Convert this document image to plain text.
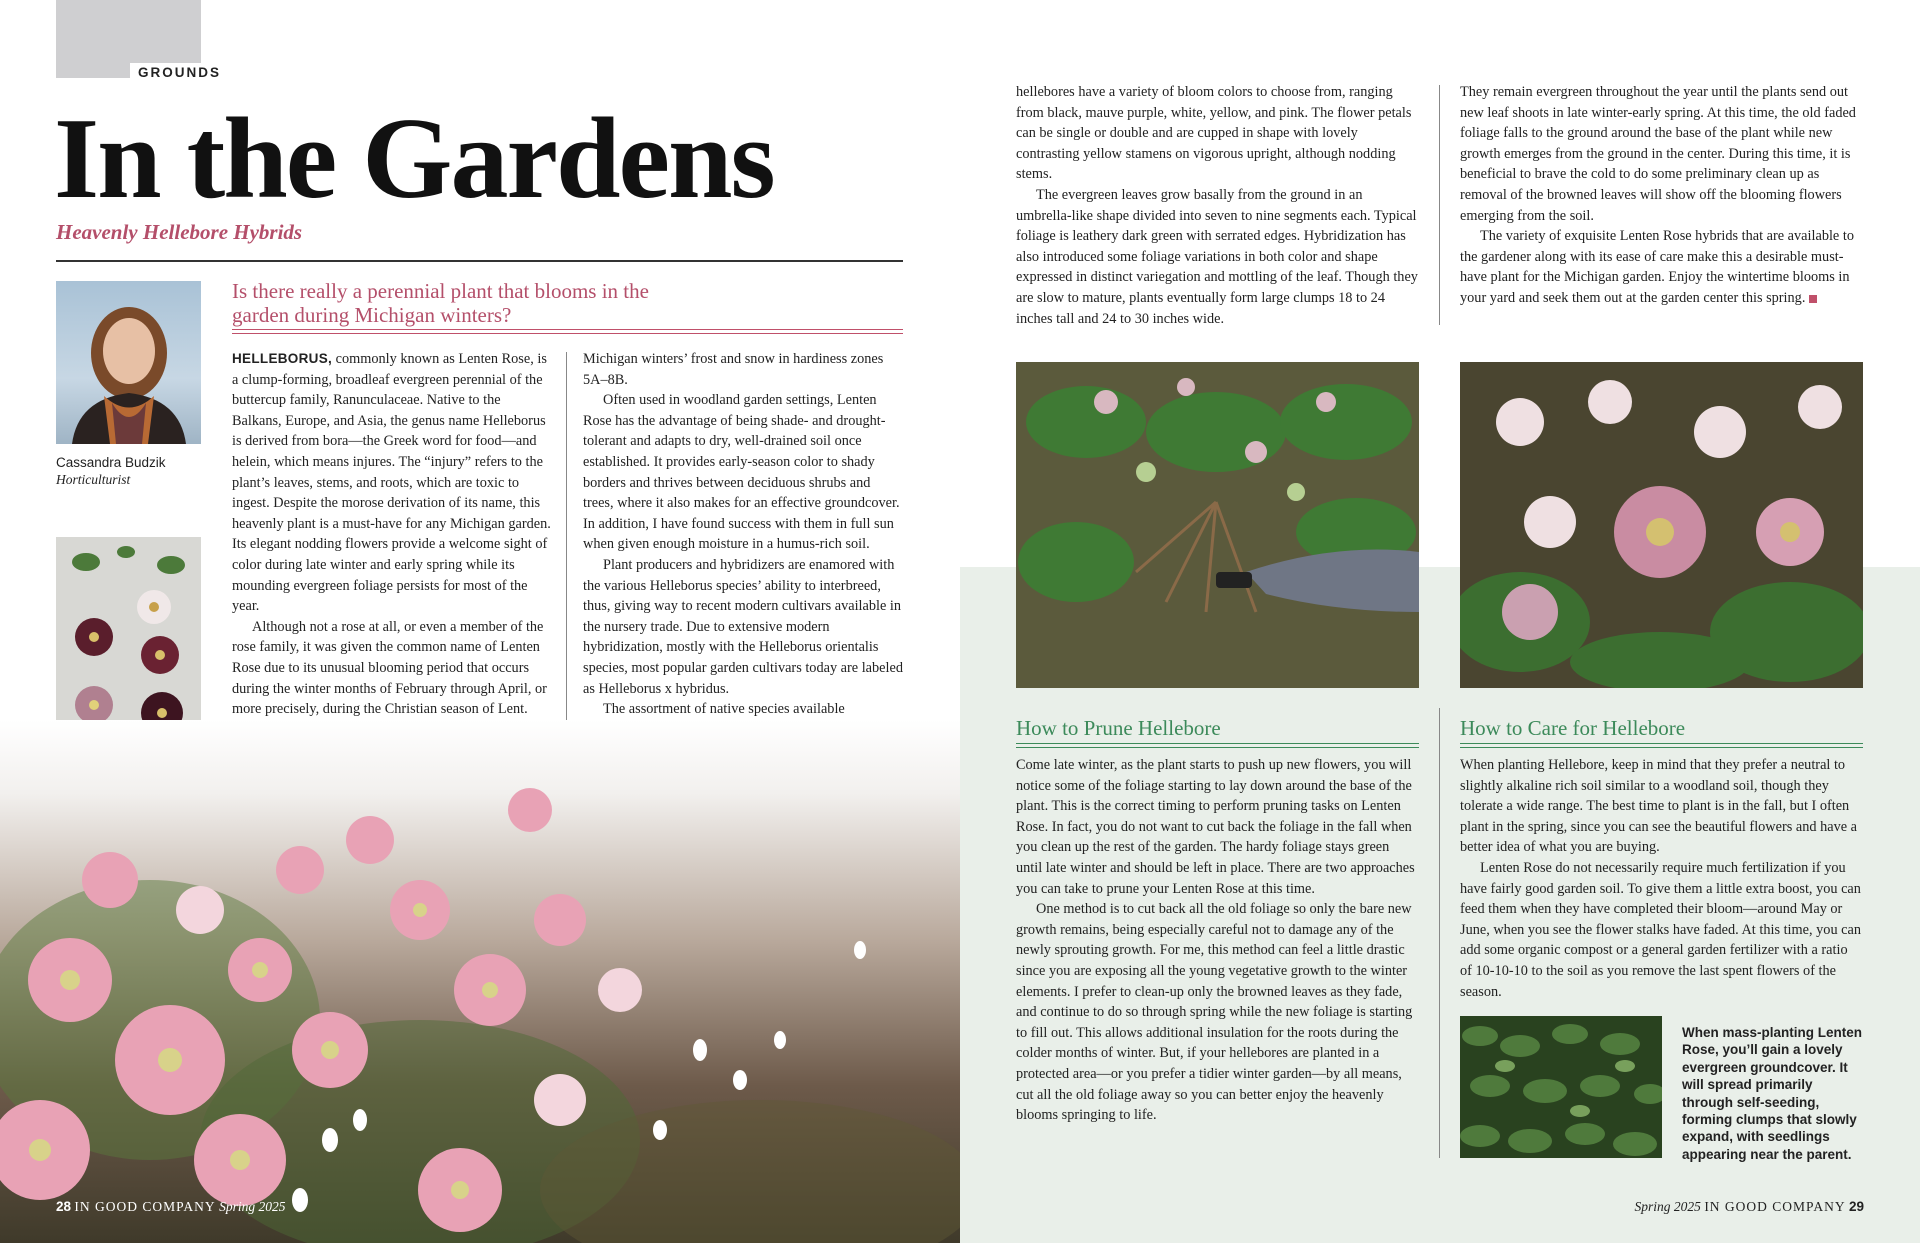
GROUNDS
In the Gardens
Heavenly Hellebore Hybrids
Cassandra Budzik
Horticulturist
Is there really a perennial plant that blooms in the garden during Michigan winters?

HELLEBORUS, commonly known as Lenten Rose, is a clump-forming, broadleaf evergreen perennial of the buttercup family, Ranunculaceae. Native to the Balkans, Europe, and Asia, the genus name Helleborus is derived from bora—the Greek word for food—and helein, which means injures. The “injury” refers to the plant’s leaves, stems, and roots, which are toxic to ingest. Despite the morose derivation of its name, this heavenly plant is a must-have for any Michigan garden. Its elegant nodding flowers provide a welcome sight of color during late winter and early spring while its mounding evergreen foliage persists for most of the year.

Although not a rose at all, or even a member of the rose family, it was given the common name of Lenten Rose due to its unusual blooming period that occurs during the winter months of February through April, or more precisely, during the Christian season of Lent.

Michigan winters’ frost and snow in hardiness zones 5A–8B.

Often used in woodland garden settings, Lenten Rose has the advantage of being shade- and drought-tolerant and adapts to dry, well-drained soil once established. It provides early-season color to shady borders and thrives between deciduous shrubs and trees, where it also makes for an effective groundcover. In addition, I have found success with them in full sun when given enough moisture in a humus-rich soil.

Plant producers and hybridizers are enamored with the various Helleborus species’ ability to interbreed, thus, giving way to recent modern cultivars available in the nursery trade. Due to extensive modern hybridization, mostly with the Helleborus orientalis species, most popular garden cultivars today are labeled as Helleborus x hybridus.

The assortment of native species available

28 IN GOOD COMPANY Spring 2025

hellebores have a variety of bloom colors to choose from, ranging from black, mauve purple, white, yellow, and pink. The flower petals can be single or double and are cupped in shape with lovely contrasting yellow stamens on vigorous upright, although nodding stems.

The evergreen leaves grow basally from the ground in an umbrella-like shape divided into seven to nine segments each. Typical foliage is leathery dark green with serrated edges. Hybridization has also introduced some foliage variations in both color and shape expressed in distinct variegation and mottling of the leaf. Though they are slow to mature, plants eventually form large clumps 18 to 24 inches tall and 24 to 30 inches wide.

They remain evergreen throughout the year until the plants send out new leaf shoots in late winter-early spring. At this time, the old faded foliage falls to the ground around the base of the plant while new growth emerges from the ground in the center. During this time, it is beneficial to brave the cold to do some preliminary clean up as removal of the browned leaves will show off the blooming flowers emerging from the soil.

The variety of exquisite Lenten Rose hybrids that are available to the gardener along with its ease of care make this a desirable must-have plant for the Michigan garden. Enjoy the wintertime blooms in your yard and seek them out at the garden center this spring.

How to Prune Hellebore

Come late winter, as the plant starts to push up new flowers, you will notice some of the foliage starting to lay down around the base of the plant. This is the correct timing to perform pruning tasks on Lenten Rose. In fact, you do not want to cut back the foliage in the fall when you clean up the rest of the garden. The hardy foliage stays green until late winter and should be left in place. There are two approaches you can take to prune your Lenten Rose at this time.

One method is to cut back all the old foliage so only the bare new growth remains, being especially careful not to damage any of the newly sprouting growth. For me, this method can feel a little drastic since you are exposing all the young vegetative growth to the winter elements. I prefer to clean-up only the browned leaves as they fade, and continue to do so through spring while the new foliage is starting to fill out. This allows additional insulation for the roots during the colder months of winter. But, if your hellebores are planted in a protected area—or you prefer a tidier winter garden—by all means, cut all the old foliage away so you can better enjoy the heavenly blooms springing to life.

How to Care for Hellebore

When planting Hellebore, keep in mind that they prefer a neutral to slightly alkaline rich soil similar to a woodland soil, though they tolerate a wide range. The best time to plant is in the fall, but I often plant in the spring, since you can see the beautiful flowers and have a better idea of what you are buying.

Lenten Rose do not necessarily require much fertilization if you have fairly good garden soil. To give them a little extra boost, you can feed them when they have completed their bloom—around May or June, when you see the flower stalks have faded. At this time, you can add some organic compost or a general garden fertilizer with a ratio of 10-10-10 to the soil as you remove the last spent flowers of the season.

When mass-planting Lenten Rose, you’ll gain a lovely evergreen groundcover. It will spread primarily through self-seeding, forming clumps that slowly expand, with seedlings appearing near the parent.
Spring 2025 IN GOOD COMPANY 29
